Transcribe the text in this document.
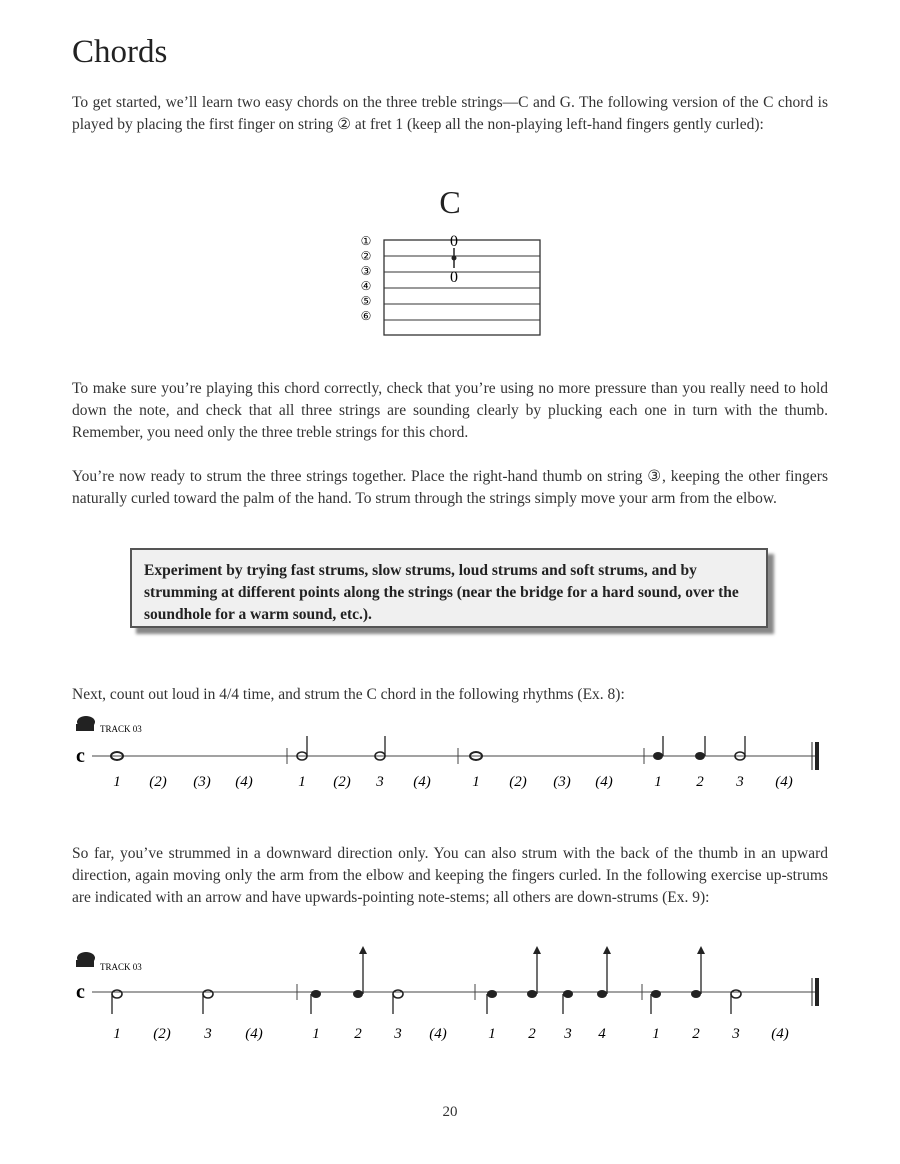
Chords

To get started, we’ll learn two easy chords on the three treble strings—C and G. The following version of the C chord is played by placing the first finger on string ② at fret 1 (keep all the non-playing left-hand fingers gently curled):

C
①
②
③
④
⑤
⑥
0
0

To make sure you’re playing this chord correctly, check that you’re using no more pressure than you really need to hold down the note, and check that all three strings are sounding clearly by plucking each one in turn with the thumb. Remember, you need only the three treble strings for this chord.

You’re now ready to strum the three strings together. Place the right-hand thumb on string ③, keeping the other fingers naturally curled toward the palm of the hand. To strum through the strings simply move your arm from the elbow.

Experiment by trying fast strums, slow strums, loud strums and soft strums, and by strumming at different points along the strings (near the bridge for a hard sound, over the soundhole for a warm sound, etc.).

Next, count out loud in 4/4 time, and strum the C chord in the following rhythms (Ex. 8):

TRACK 03
c
1 (2) (3) (4)	1 (2) 3 (4)	1 (2) (3) (4)	1 2 3 (4)

So far, you’ve strummed in a downward direction only. You can also strum with the back of the thumb in an upward direction, again moving only the arm from the elbow and keeping the fingers curled. In the following exercise up-strums are indicated with an arrow and have upwards-pointing note-stems; all others are down-strums (Ex. 9):

TRACK 03
c
1 (2) 3 (4)	1 2 3 (4)	1 2 3 4	1 2 3 (4)
20
